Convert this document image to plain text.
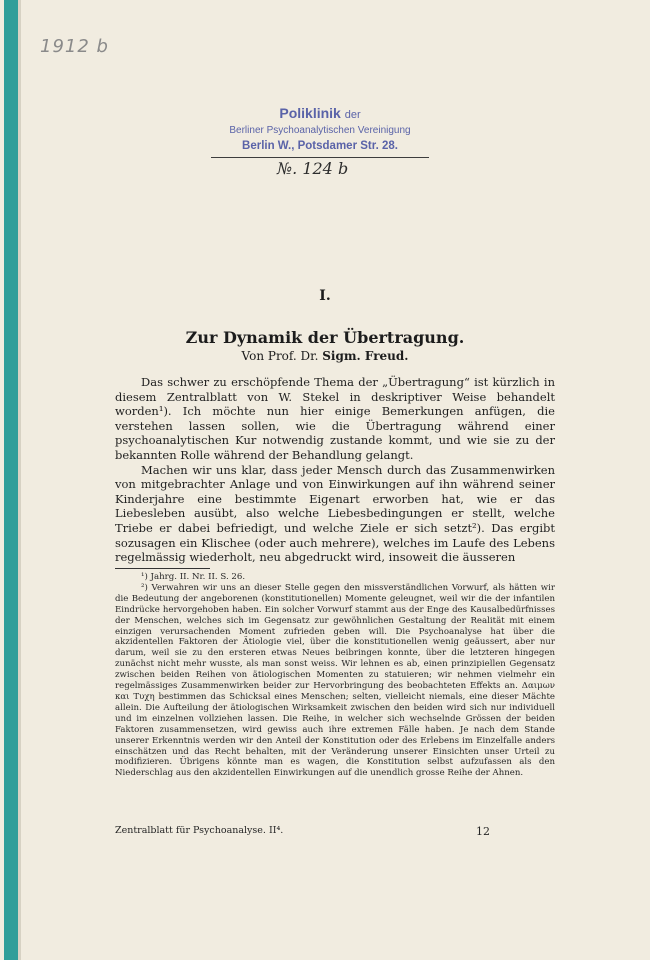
1912 b
Poliklinik der
Berliner Psychoanalytischen Vereinigung
Berlin W., Potsdamer Str. 28.
№. 124 b
I.
Zur Dynamik der Übertragung.
Von Prof. Dr. Sigm. Freud.

Das schwer zu erschöpfende Thema der „Übertragung“ ist kürzlich in diesem Zentralblatt von W. Stekel in deskriptiver Weise behandelt worden¹). Ich möchte nun hier einige Bemerkungen anfügen, die verstehen lassen sollen, wie die Übertragung während einer psychoanalytischen Kur notwendig zustande kommt, und wie sie zu der bekannten Rolle während der Behandlung gelangt.

Machen wir uns klar, dass jeder Mensch durch das Zusammenwirken von mitgebrachter Anlage und von Einwirkungen auf ihn während seiner Kinderjahre eine bestimmte Eigenart erworben hat, wie er das Liebesleben ausübt, also welche Liebesbedingungen er stellt, welche Triebe er dabei befriedigt, und welche Ziele er sich setzt²). Das ergibt sozusagen ein Klischee (oder auch mehrere), welches im Laufe des Lebens regelmässig wiederholt, neu abgedruckt wird, insoweit die äusseren

¹) Jahrg. II. Nr. II. S. 26.

²) Verwahren wir uns an dieser Stelle gegen den missverständlichen Vorwurf, als hätten wir die Bedeutung der angeborenen (konstitutionellen) Momente geleugnet, weil wir die der infantilen Eindrücke hervorgehoben haben. Ein solcher Vorwurf stammt aus der Enge des Kausalbedürfnisses der Menschen, welches sich im Gegensatz zur gewöhnlichen Gestaltung der Realität mit einem einzigen verursachenden Moment zufrieden geben will. Die Psychoanalyse hat über die akzidentellen Faktoren der Ätiologie viel, über die konstitutionellen wenig geäussert, aber nur darum, weil sie zu den ersteren etwas Neues beibringen konnte, über die letzteren hingegen zunächst nicht mehr wusste, als man sonst weiss. Wir lehnen es ab, einen prinzipiellen Gegensatz zwischen beiden Reihen von ätiologischen Momenten zu statuieren; wir nehmen vielmehr ein regelmässiges Zusammenwirken beider zur Hervorbringung des beobachteten Effekts an. Δαιμων και Τυχη bestimmen das Schicksal eines Menschen; selten, vielleicht niemals, eine dieser Mächte allein. Die Aufteilung der ätiologischen Wirksamkeit zwischen den beiden wird sich nur individuell und im einzelnen vollziehen lassen. Die Reihe, in welcher sich wechselnde Grössen der beiden Faktoren zusammensetzen, wird gewiss auch ihre extremen Fälle haben. Je nach dem Stande unserer Erkenntnis werden wir den Anteil der Konstitution oder des Erlebens im Einzelfalle anders einschätzen und das Recht behalten, mit der Veränderung unserer Einsichten unser Urteil zu modifizieren. Übrigens könnte man es wagen, die Konstitution selbst aufzufassen als den Niederschlag aus den akzidentellen Einwirkungen auf die unendlich grosse Reihe der Ahnen.

Zentralblatt für Psychoanalyse. II⁴.	12
